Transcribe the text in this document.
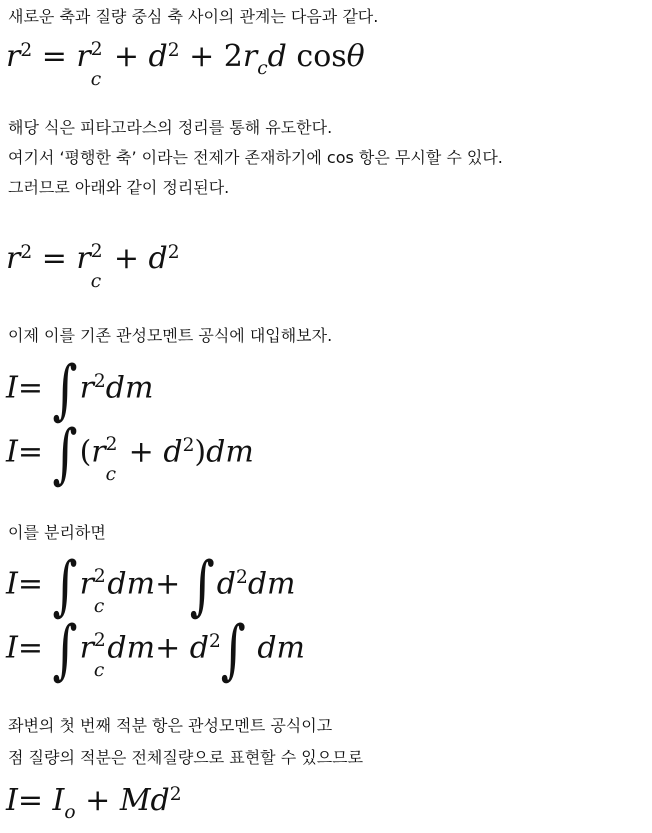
새로운 축과 질량 중심 축 사이의 관계는 다음과 같다.
$r^2 = r$ 2
c
+ $d^2 + 2r_cd$ cosθ
해당 식은 피타고라스의 정리를 통해 유도한다.
여기서 ‘평행한 축’ 이라는 전제가 존재하기에 cos 항은 무시할 수 있다.
그러므로 아래와 같이 정리된다.
$r^2 = r$ 2
c
+ $d^2$
이제 이를 기존 관성모멘트 공식에 대입해보자.
$I= \int r^2dm$
I= ∫(r 2
c
+ $d^2)dm$
이를 분리하면
I= ∫r 2
c
$dm+ \int d^2dm$
I= ∫r 2
c
$dm+ d^2\int$ dm
좌변의 첫 번째 적분 항은 관성모멘트 공식이고
점 질량의 적분은 전체질량으로 표현할 수 있으므로
$I= I_o + Md^2$
